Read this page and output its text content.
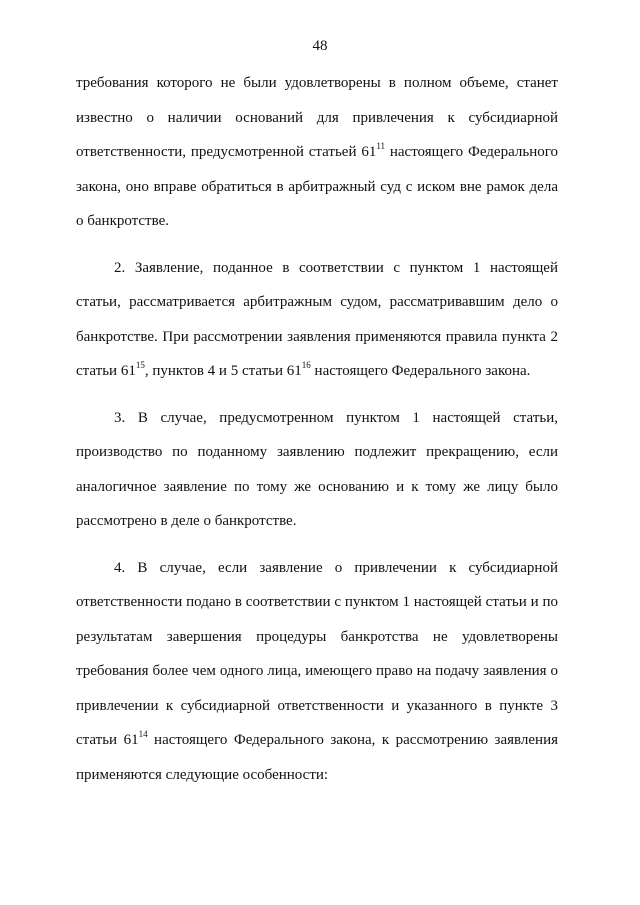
48

требования которого не были удовлетворены в полном объеме, станет известно о наличии оснований для привлечения к субсидиарной ответственности, предусмотренной статьей $61^{11}$ настоящего Федерального закона, оно вправе обратиться в арбитражный суд с иском вне рамок дела о банкротстве.

2. Заявление, поданное в соответствии с пунктом 1 настоящей статьи, рассматривается арбитражным судом, рассматривавшим дело о банкротстве. При рассмотрении заявления применяются правила пункта 2 статьи $61^{15}$, пунктов 4 и 5 статьи $61^{16}$ настоящего Федерального закона.

3. В случае, предусмотренном пунктом 1 настоящей статьи, производство по поданному заявлению подлежит прекращению, если аналогичное заявление по тому же основанию и к тому же лицу было рассмотрено в деле о банкротстве.

4. В случае, если заявление о привлечении к субсидиарной ответственности подано в соответствии с пунктом 1 настоящей статьи и по результатам завершения процедуры банкротства не удовлетворены требования более чем одного лица, имеющего право на подачу заявления о привлечении к субсидиарной ответственности и указанного в пункте 3 статьи $61^{14}$ настоящего Федерального закона, к рассмотрению заявления применяются следующие особенности:
